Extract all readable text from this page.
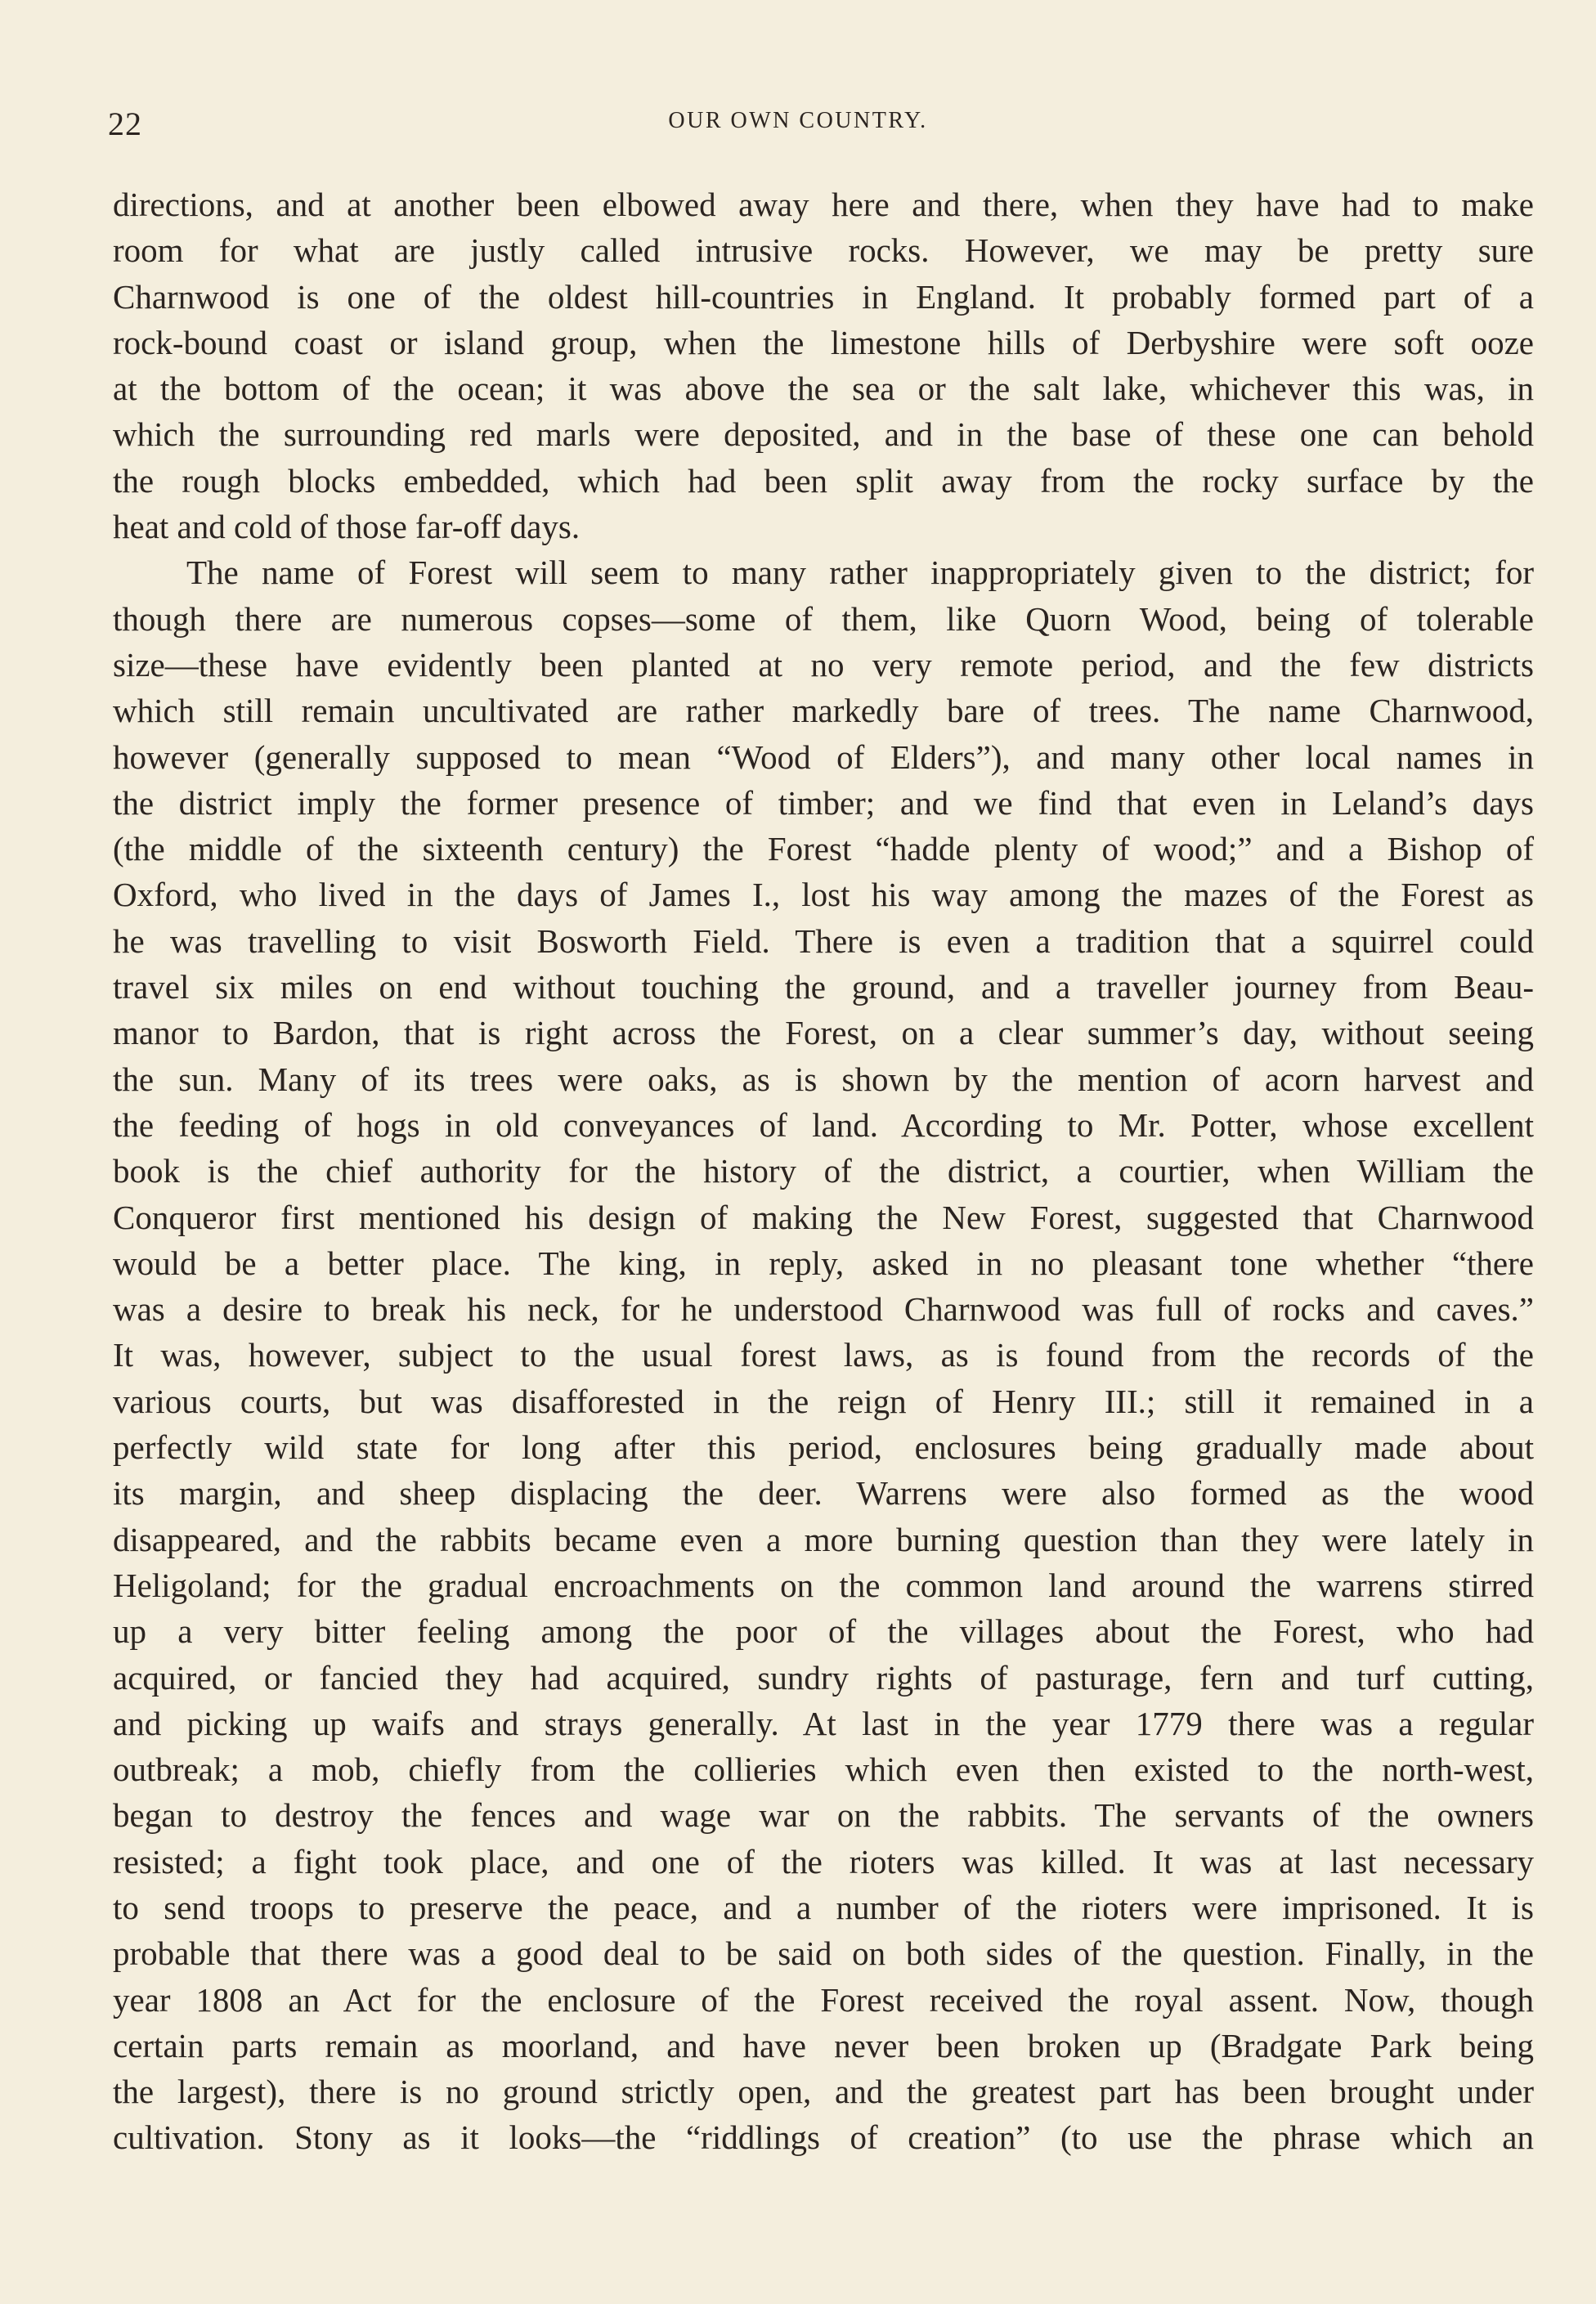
22	OUR OWN COUNTRY.
directions, and at another been elbowed away here and there, when they have had to make
room for what are justly called intrusive rocks. However, we may be pretty sure
Charnwood is one of the oldest hill-countries in England. It probably formed part of a
rock-bound coast or island group, when the limestone hills of Derbyshire were soft ooze
at the bottom of the ocean; it was above the sea or the salt lake, whichever this was, in
which the surrounding red marls were deposited, and in the base of these one can behold
the rough blocks embedded, which had been split away from the rocky surface by the
heat and cold of those far-off days.
The name of Forest will seem to many rather inappropriately given to the district; for
though there are numerous copses—some of them, like Quorn Wood, being of tolerable
size—these have evidently been planted at no very remote period, and the few districts
which still remain uncultivated are rather markedly bare of trees. The name Charnwood,
however (generally supposed to mean “Wood of Elders”), and many other local names in
the district imply the former presence of timber; and we find that even in Leland’s days
(the middle of the sixteenth century) the Forest “hadde plenty of wood;” and a Bishop of
Oxford, who lived in the days of James I., lost his way among the mazes of the Forest as
he was travelling to visit Bosworth Field. There is even a tradition that a squirrel could
travel six miles on end without touching the ground, and a traveller journey from Beau-
manor to Bardon, that is right across the Forest, on a clear summer’s day, without seeing
the sun. Many of its trees were oaks, as is shown by the mention of acorn harvest and
the feeding of hogs in old conveyances of land. According to Mr. Potter, whose excellent
book is the chief authority for the history of the district, a courtier, when William the
Conqueror first mentioned his design of making the New Forest, suggested that Charnwood
would be a better place. The king, in reply, asked in no pleasant tone whether “there
was a desire to break his neck, for he understood Charnwood was full of rocks and caves.”
It was, however, subject to the usual forest laws, as is found from the records of the
various courts, but was disafforested in the reign of Henry III.; still it remained in a
perfectly wild state for long after this period, enclosures being gradually made about
its margin, and sheep displacing the deer. Warrens were also formed as the wood
disappeared, and the rabbits became even a more burning question than they were lately in
Heligoland; for the gradual encroachments on the common land around the warrens stirred
up a very bitter feeling among the poor of the villages about the Forest, who had
acquired, or fancied they had acquired, sundry rights of pasturage, fern and turf cutting,
and picking up waifs and strays generally. At last in the year 1779 there was a regular
outbreak; a mob, chiefly from the collieries which even then existed to the north-west,
began to destroy the fences and wage war on the rabbits. The servants of the owners
resisted; a fight took place, and one of the rioters was killed. It was at last necessary
to send troops to preserve the peace, and a number of the rioters were imprisoned. It is
probable that there was a good deal to be said on both sides of the question. Finally, in the
year 1808 an Act for the enclosure of the Forest received the royal assent. Now, though
certain parts remain as moorland, and have never been broken up (Bradgate Park being
the largest), there is no ground strictly open, and the greatest part has been brought under
cultivation. Stony as it looks—the “riddlings of creation” (to use the phrase which an
